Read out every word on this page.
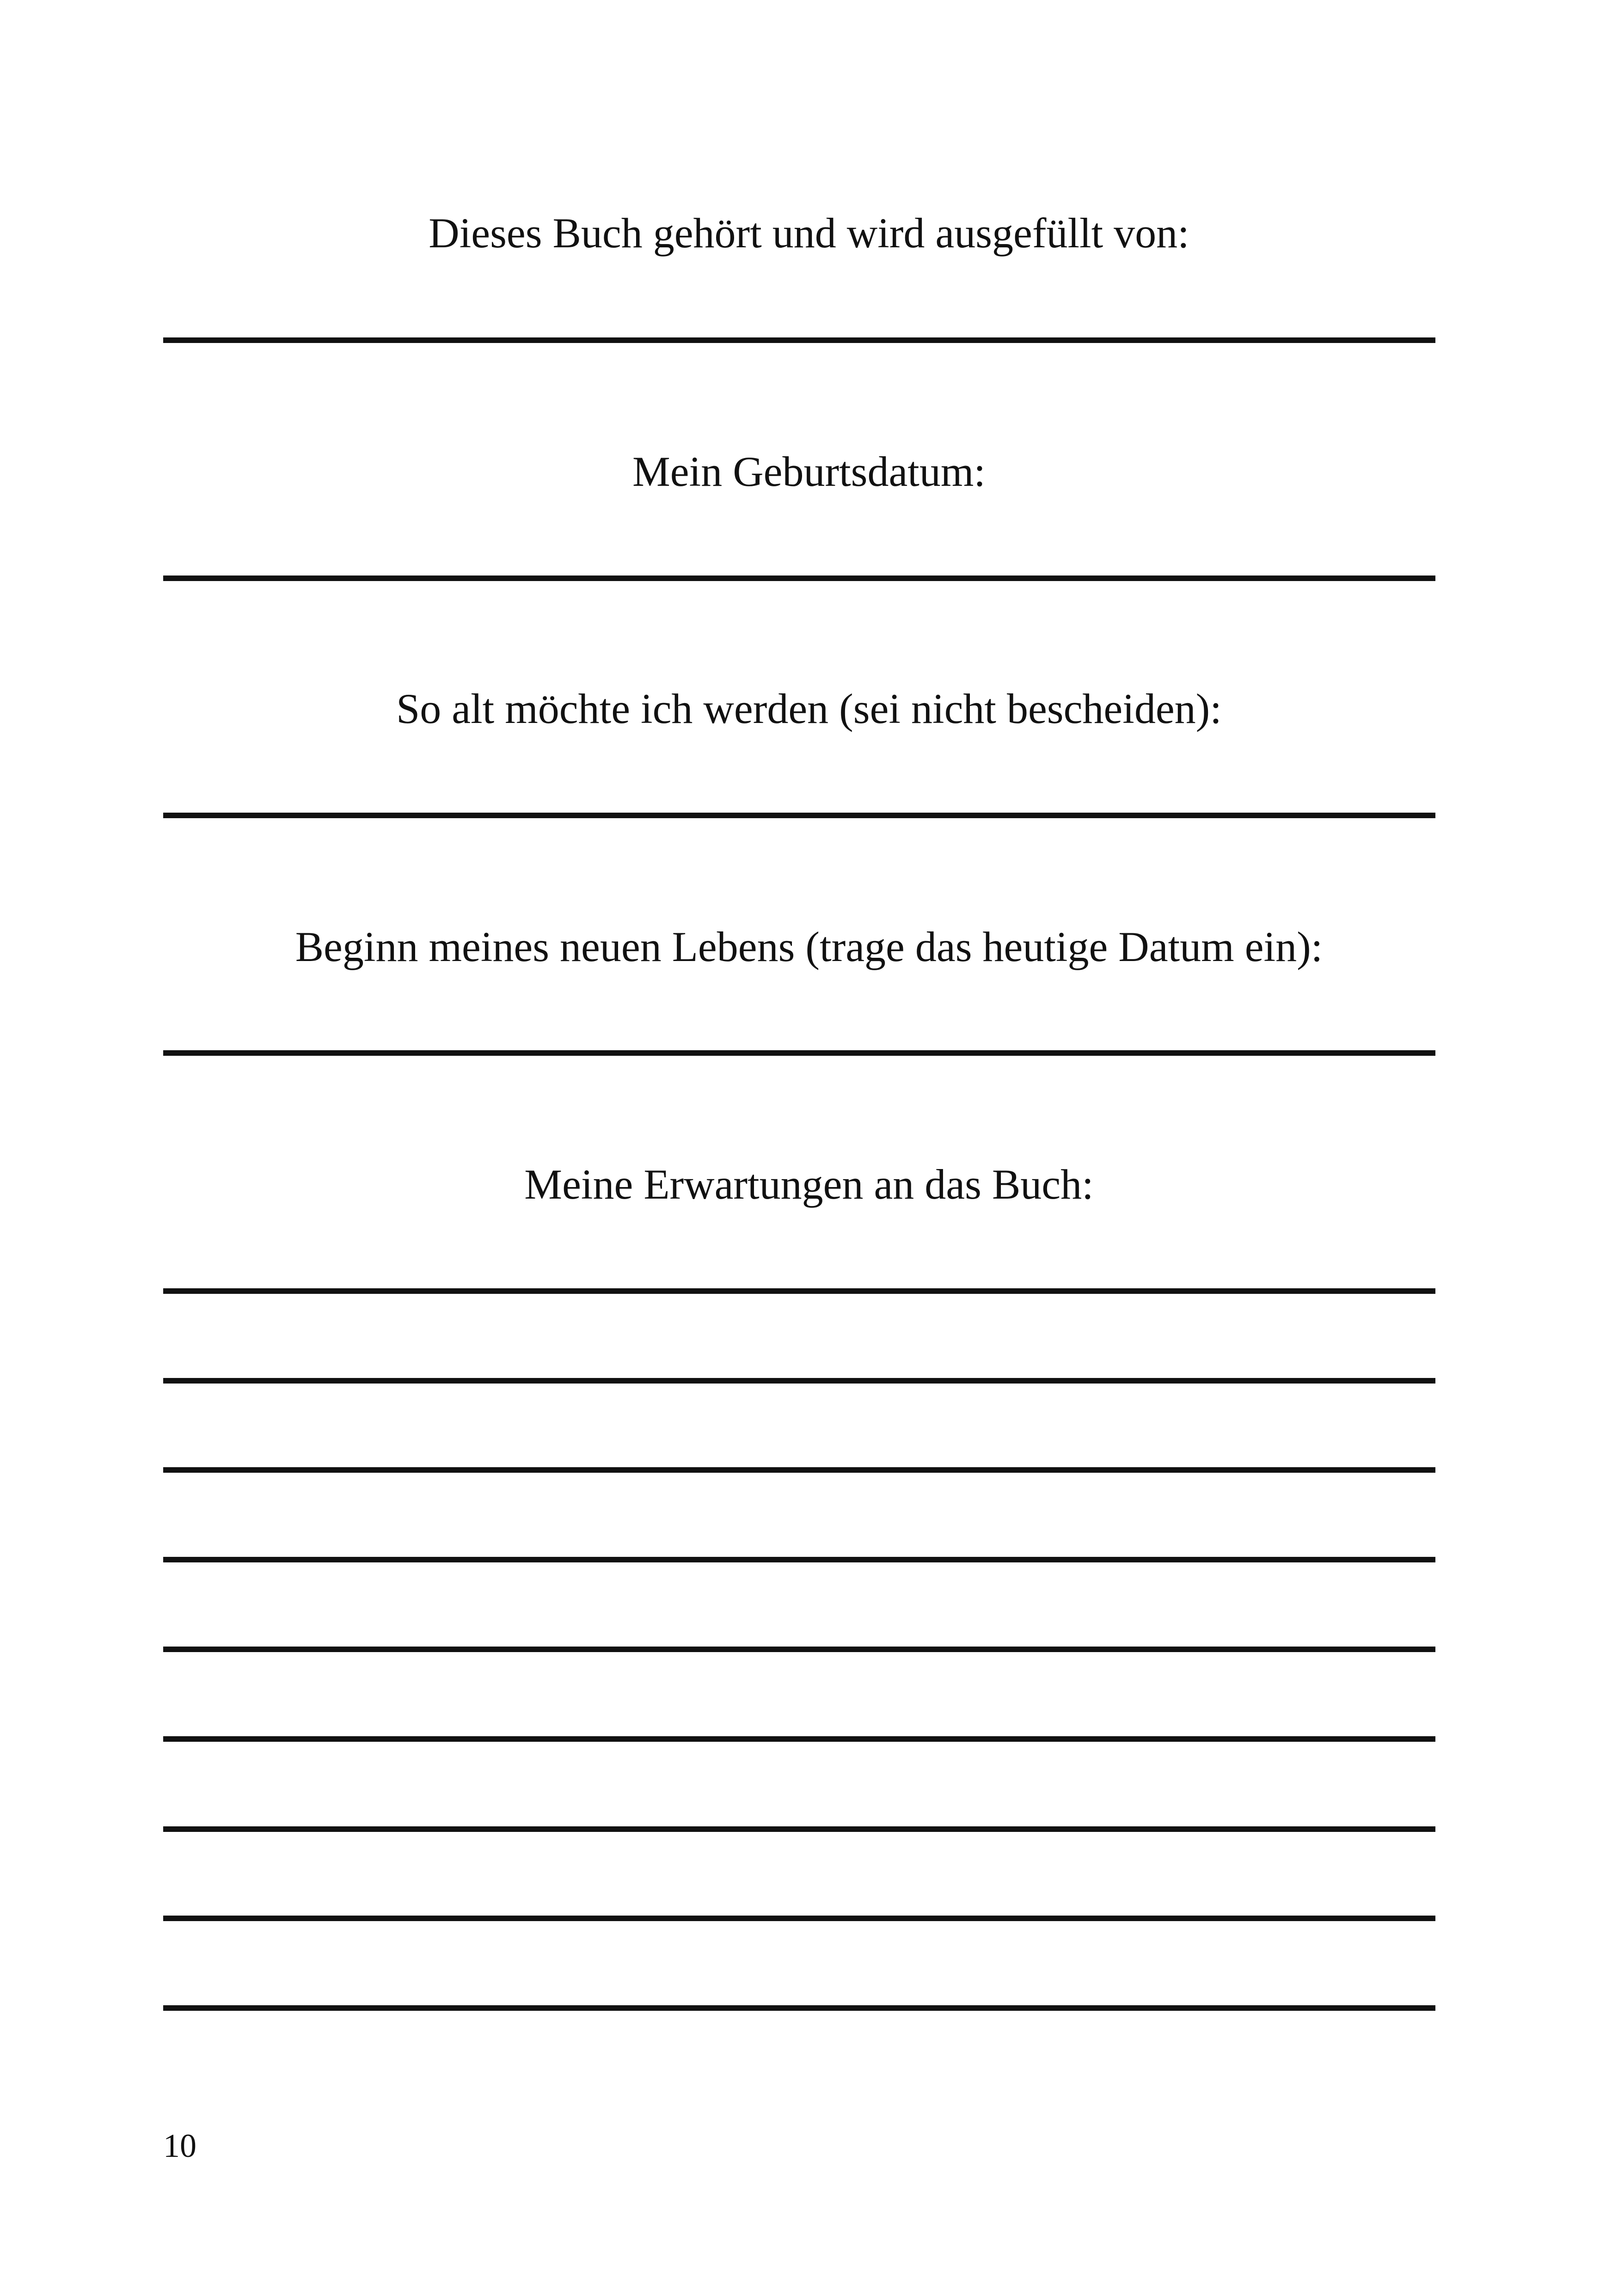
Dieses Buch gehört und wird ausgefüllt von:
Mein Geburtsdatum:
So alt möchte ich werden (sei nicht bescheiden):
Beginn meines neuen Lebens (trage das heutige Datum ein):
Meine Erwartungen an das Buch:
10
